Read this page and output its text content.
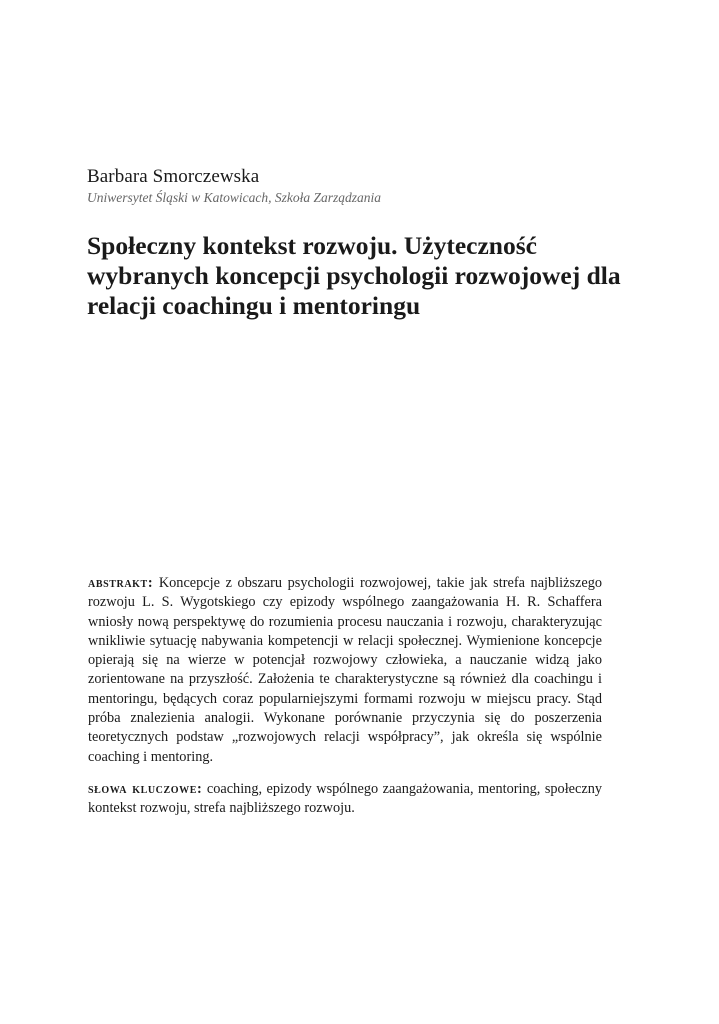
Barbara Smorczewska
Uniwersytet Śląski w Katowicach, Szkoła Zarządzania
Społeczny kontekst rozwoju. Użyteczność wybranych koncepcji psychologii rozwojowej dla relacji coachingu i mentoringu

abstrakt: Koncepcje z obszaru psychologii rozwojowej, takie jak strefa najbliższego rozwoju L. S. Wygotskiego czy epizody wspólnego zaangażowania H. R. Schaffera wniosły nową perspektywę do rozumienia procesu nauczania i rozwoju, charakteryzując wnikliwie sytuację nabywania kompetencji w relacji społecznej. Wymienione koncepcje opierają się na wierze w potencjał rozwojowy człowieka, a nauczanie widzą jako zorientowane na przyszłość. Założenia te charakterystyczne są również dla coachingu i mentoringu, będących coraz popularniejszymi formami rozwoju w miejscu pracy. Stąd próba znalezienia analogii. Wykonane porównanie przyczynia się do poszerzenia teoretycznych podstaw „rozwojowych relacji współpracy”, jak określa się wspólnie coaching i mentoring.

słowa kluczowe: coaching, epizody wspólnego zaangażowania, mentoring, społeczny kontekst rozwoju, strefa najbliższego rozwoju.
